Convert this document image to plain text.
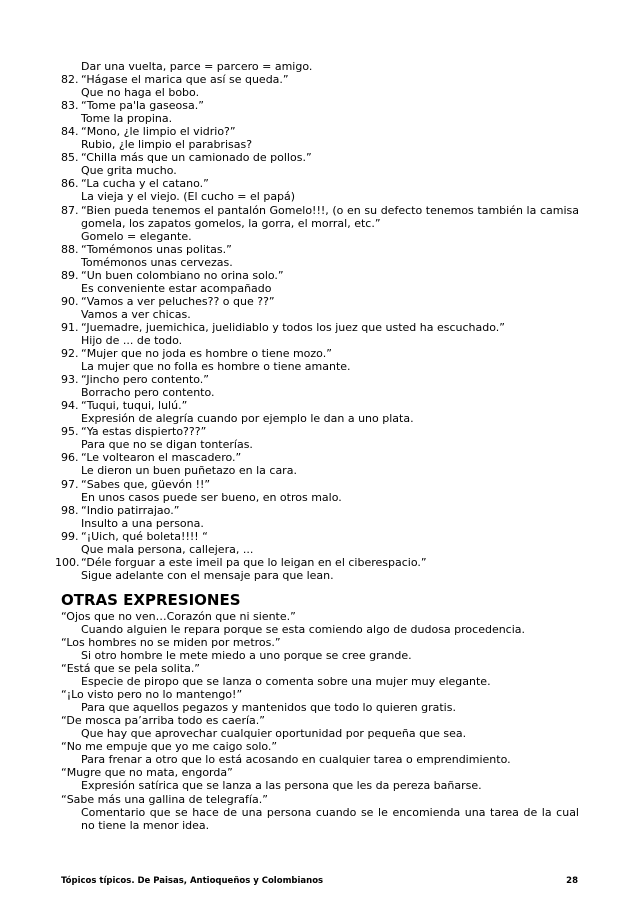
Dar una vuelta, parce = parcero = amigo.
82. “Hágase el marica que así se queda.”
Que no haga el bobo.
83. “Tome pa'la gaseosa.”
Tome la propina.
84. “Mono, ¿le limpio el vidrio?”
Rubio, ¿le limpio el parabrisas?
85. “Chilla más que un camionado de pollos.”
Que grita mucho.
86. “La cucha y el catano.”
La vieja y el viejo. (El cucho = el papá)
87. “Bien pueda tenemos el pantalón Gomelo!!!, (o en su defecto tenemos también la camisa gomela, los zapatos gomelos, la gorra, el morral, etc.”
Gomelo = elegante.
88. “Tomémonos unas politas.”
Tomémonos unas cervezas.
89. “Un buen colombiano no orina solo.”
Es conveniente estar acompañado
90. “Vamos a ver peluches?? o que ??”
Vamos a ver chicas.
91. “Juemadre, juemichica, juelidiablo y todos los juez que usted ha escuchado.”
Hijo de ... de todo.
92. “Mujer que no joda es hombre o tiene mozo.”
La mujer que no folla es hombre o tiene amante.
93. “Jincho pero contento.”
Borracho pero contento.
94. “Tuqui, tuqui, lulú.”
Expresión de alegría cuando por ejemplo le dan a uno plata.
95. “Ya estas dispierto???”
Para que no se digan tonterías.
96. “Le voltearon el mascadero.”
Le dieron un buen puñetazo en la cara.
97. “Sabes que, güevón !!”
En unos casos puede ser bueno, en otros malo.
98. “Indio patirrajao.”
Insulto a una persona.
99. “¡Uich, qué boleta!!!! “
Que mala persona, callejera, ...
100. “Déle forguar a este imeil pa que lo leigan en el ciberespacio.”
Sigue adelante con el mensaje para que lean.
OTRAS EXPRESIONES
“Ojos que no ven…Corazón que ni siente.”
Cuando alguien le repara porque se esta comiendo algo de dudosa procedencia.
“Los hombres no se miden por metros.”
Si otro hombre le mete miedo a uno porque se cree grande.
“Está que se pela solita.”
Especie de piropo que se lanza o comenta sobre una mujer muy elegante.
“¡Lo visto pero no lo mantengo!”
Para que aquellos pegazos y mantenidos que todo lo quieren gratis.
“De mosca pa’arriba todo es caería.”
Que hay que aprovechar cualquier oportunidad por pequeña que sea.
“No me empuje que yo me caigo solo.”
Para frenar a otro que lo está acosando en cualquier tarea o emprendimiento.
“Mugre que no mata, engorda”
Expresión satírica que se lanza a las persona que les da pereza bañarse.
“Sabe más una gallina de telegrafía.”
Comentario que se hace de una persona cuando se le encomienda una tarea de la cual no tiene la menor idea.
Tópicos típicos. De Paisas, Antioqueños y Colombianos	28
